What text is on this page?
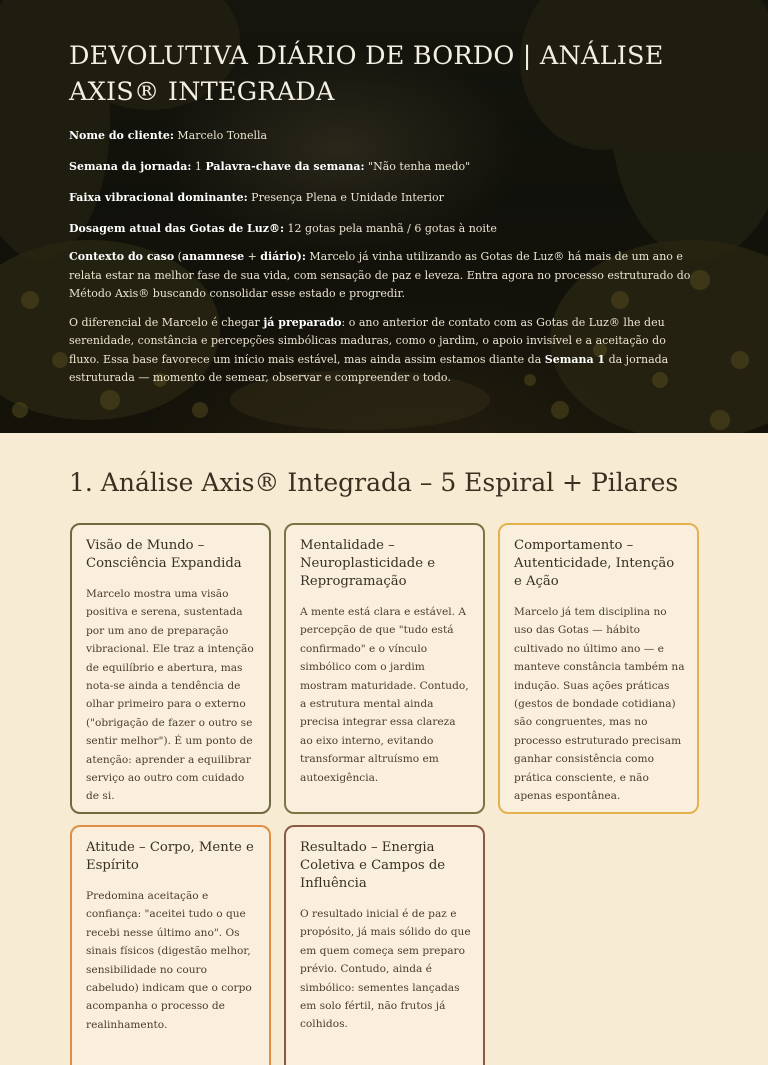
DEVOLUTIVA DIÁRIO DE BORDO | ANÁLISE AXIS® INTEGRADA
Nome do cliente: Marcelo Tonella
Semana da jornada: 1 Palavra-chave da semana: "Não tenha medo"
Faixa vibracional dominante: Presença Plena e Unidade Interior
Dosagem atual das Gotas de Luz®: 12 gotas pela manhã / 6 gotas à noite

Contexto do caso (anamnese + diário): Marcelo já vinha utilizando as Gotas de Luz® há mais de um ano e relata estar na melhor fase de sua vida, com sensação de paz e leveza. Entra agora no processo estruturado do Método Axis® buscando consolidar esse estado e progredir.

O diferencial de Marcelo é chegar já preparado: o ano anterior de contato com as Gotas de Luz® lhe deu serenidade, constância e percepções simbólicas maduras, como o jardim, o apoio invisível e a aceitação do fluxo. Essa base favorece um início mais estável, mas ainda assim estamos diante da Semana 1 da jornada estruturada — momento de semear, observar e compreender o todo.

1. Análise Axis® Integrada – 5 Espiral + Pilares
Visão de Mundo – Consciência Expandida
Marcelo mostra uma visão positiva e serena, sustentada por um ano de preparação vibracional. Ele traz a intenção de equilíbrio e abertura, mas nota-se ainda a tendência de olhar primeiro para o externo ("obrigação de fazer o outro se sentir melhor"). É um ponto de atenção: aprender a equilibrar serviço ao outro com cuidado de si.
Mentalidade – Neuroplasticidade e Reprogramação
A mente está clara e estável. A percepção de que "tudo está confirmado" e o vínculo simbólico com o jardim mostram maturidade. Contudo, a estrutura mental ainda precisa integrar essa clareza ao eixo interno, evitando transformar altruísmo em autoexigência.
Comportamento – Autenticidade, Intenção e Ação
Marcelo já tem disciplina no uso das Gotas — hábito cultivado no último ano — e manteve constância também na indução. Suas ações práticas (gestos de bondade cotidiana) são congruentes, mas no processo estruturado precisam ganhar consistência como prática consciente, e não apenas espontânea.
Atitude – Corpo, Mente e Espírito
Predomina aceitação e confiança: "aceitei tudo o que recebi nesse último ano". Os sinais físicos (digestão melhor, sensibilidade no couro cabeludo) indicam que o corpo acompanha o processo de realinhamento.
Resultado – Energia Coletiva e Campos de Influência
O resultado inicial é de paz e propósito, já mais sólido do que em quem começa sem preparo prévio. Contudo, ainda é simbólico: sementes lançadas em solo fértil, não frutos já colhidos.
